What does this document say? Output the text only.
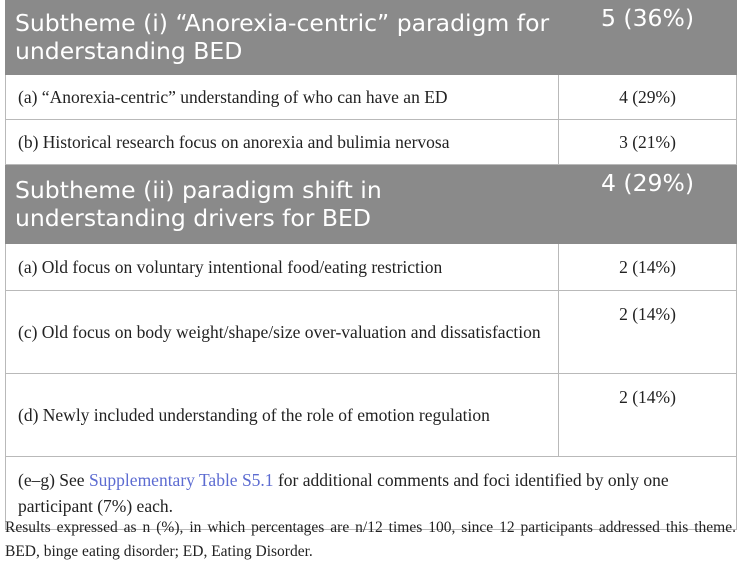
Subtheme (i) “Anorexia-centric” paradigm for understanding BED	5 (36%)
(a) “Anorexia-centric” understanding of who can have an ED	4 (29%)
(b) Historical research focus on anorexia and bulimia nervosa	3 (21%)
Subtheme (ii) paradigm shift in understanding drivers for BED	4 (29%)
(a) Old focus on voluntary intentional food/eating restriction	2 (14%)
(c) Old focus on body weight/shape/size over-valuation and dissatisfaction	2 (14%)
(d) Newly included understanding of the role of emotion regulation	2 (14%)
(e–g) See Supplementary Table S5.1 for additional comments and foci identified by only one participant (7%) each.	
Results expressed as n (%), in which percentages are n/12 times 100, since 12 participants addressed this theme. BED, binge eating disorder; ED, Eating Disorder.
